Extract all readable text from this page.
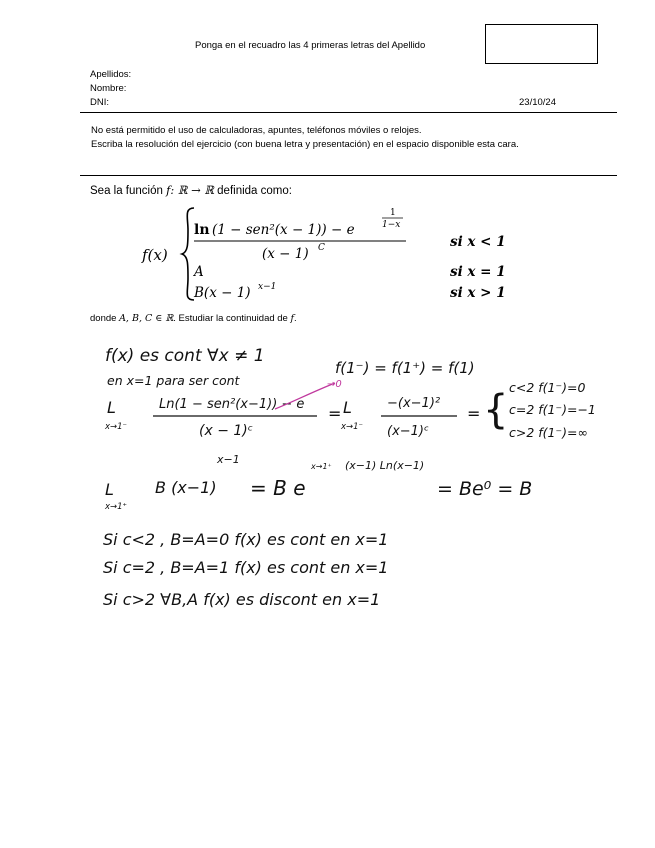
Ponga en el recuadro las 4 primeras letras del Apellido
Apellidos:
Nombre:
DNI:	23/10/24
No está permitido el uso de calculadoras, apuntes, teléfonos móviles o relojes.
Escriba la resolución del ejercicio (con buena letra y presentación) en el espacio disponible esta cara.
Sea la función f: ℝ → ℝ definida como:
f(x)
ln (1 − sen²(x − 1)) − e
1
1−x
(x − 1) C	si x < 1
A	si x = 1
B(x − 1) x−1	si x > 1
donde A, B, C ∈ ℝ. Estudiar la continuidad de f.
f(x) es cont ∀x ≠ 1
en x=1 para ser cont
f(1⁻) = f(1⁺) = f(1)
L
x→1⁻
Ln(1 − sen²(x−1)) − e
(x − 1)ᶜ
= L
x→1⁻
−(x−1)²
(x−1)ᶜ
= { c<2 f(1⁻)=0
c=2 f(1⁻)=−1
c>2 f(1⁻)=∞
→0
L
x→1⁺
B (x−1)
x−1
= B e
x→1⁺ (x−1) Ln(x−1)
= Be⁰ = B
Si c<2 , B=A=0 f(x) es cont en x=1
Si c=2 , B=A=1 f(x) es cont en x=1
Si c>2 ∀B,A f(x) es discont en x=1
